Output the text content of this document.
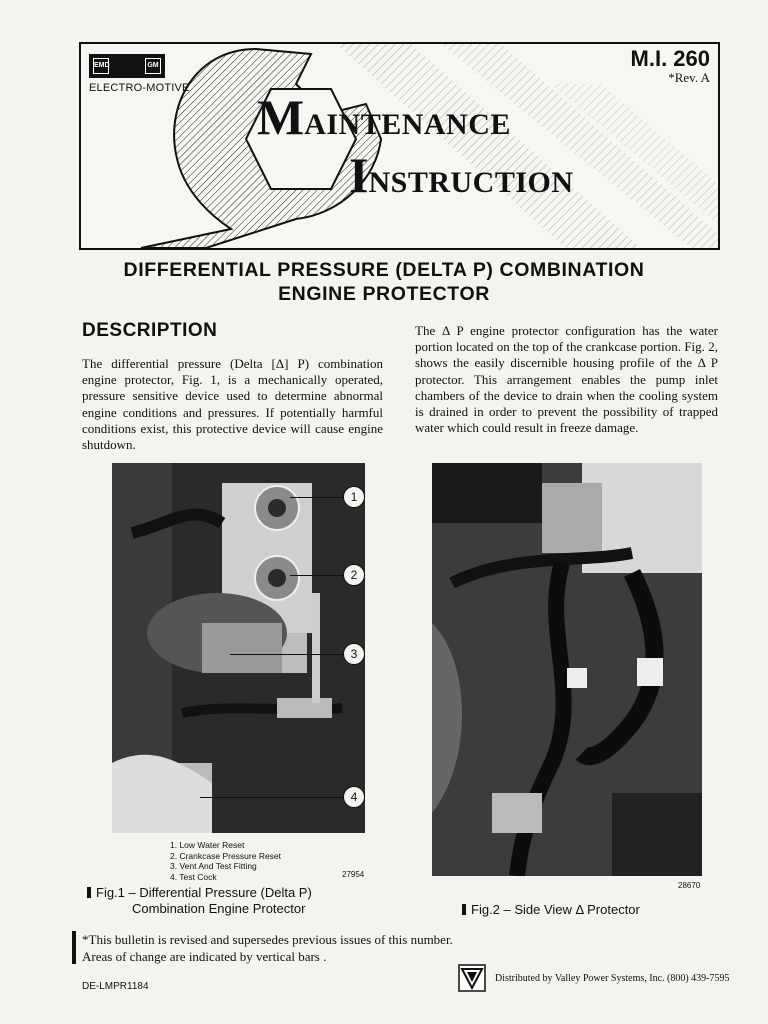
EMD	GM
ELECTRO-MOTIVE
M.I. 260
*Rev. A
MAINTENANCE
INSTRUCTION
DIFFERENTIAL PRESSURE (DELTA P) COMBINATION
ENGINE PROTECTOR
DESCRIPTION
The differential pressure (Delta [Δ] P) combination engine protector, Fig. 1, is a mechanically operated, pressure sensitive device used to determine abnormal engine conditions and pressures. If potentially harmful conditions exist, this protective device will cause engine shutdown.
The Δ P engine protector configuration has the water portion located on the top of the crankcase portion. Fig. 2, shows the easily discernible housing profile of the Δ P protector. This arrangement enables the pump inlet chambers of the device to drain when the cooling system is drained in order to prevent the possibility of trapped water which could result in freeze damage.
1
2
3
4
1. Low Water Reset
2. Crankcase Pressure Reset
3. Vent And Test Fitting
4. Test Cock	27954
Fig.1 – Differential Pressure (Delta P)
Combination Engine Protector
28670
Fig.2 – Side View Δ Protector
*This bulletin is revised and supersedes previous issues of this number.
Areas of change are indicated by vertical bars .
DE-LMPR1184
Distributed by Valley Power Systems, Inc. (800) 439-7595
